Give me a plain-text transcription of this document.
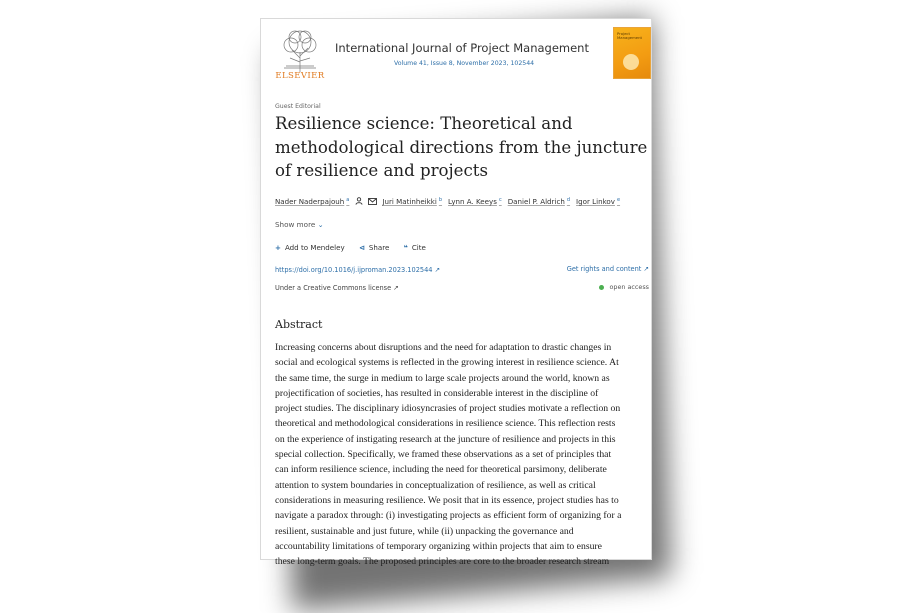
ELSEVIER
International Journal of Project Management
Volume 41, Issue 8, November 2023, 102544
Project Management
Guest Editorial
Resilience science: Theoretical and methodological directions from the juncture of resilience and projects
Nader Naderpajouh $^a$	Juri Matinheikki $^b$ Lynn A. Keeys $^c$ Daniel P. Aldrich $^d$ Igor Linkov $^e$
Show more ⌄
+ Add to Mendeley ⊲ Share ❝ Cite
https://doi.org/10.1016/j.ijproman.2023.102544 ↗	Get rights and content ↗
Under a Creative Commons license ↗	open access
Abstract
Increasing concerns about disruptions and the need for adaptation to drastic changes in
social and ecological systems is reflected in the growing interest in resilience science. At
the same time, the surge in medium to large scale projects around the world, known as
projectification of societies, has resulted in considerable interest in the discipline of
project studies. The disciplinary idiosyncrasies of project studies motivate a reflection on
theoretical and methodological considerations in resilience science. This reflection rests
on the experience of instigating research at the juncture of resilience and projects in this
special collection. Specifically, we framed these observations as a set of principles that
can inform resilience science, including the need for theoretical parsimony, deliberate
attention to system boundaries in conceptualization of resilience, as well as critical
considerations in measuring resilience. We posit that in its essence, project studies has to
navigate a paradox through: (i) investigating projects as efficient form of organizing for a
resilient, sustainable and just future, while (ii) unpacking the governance and
accountability limitations of temporary organizing within projects that aim to ensure
these long-term goals. The proposed principles are core to the broader research stream
